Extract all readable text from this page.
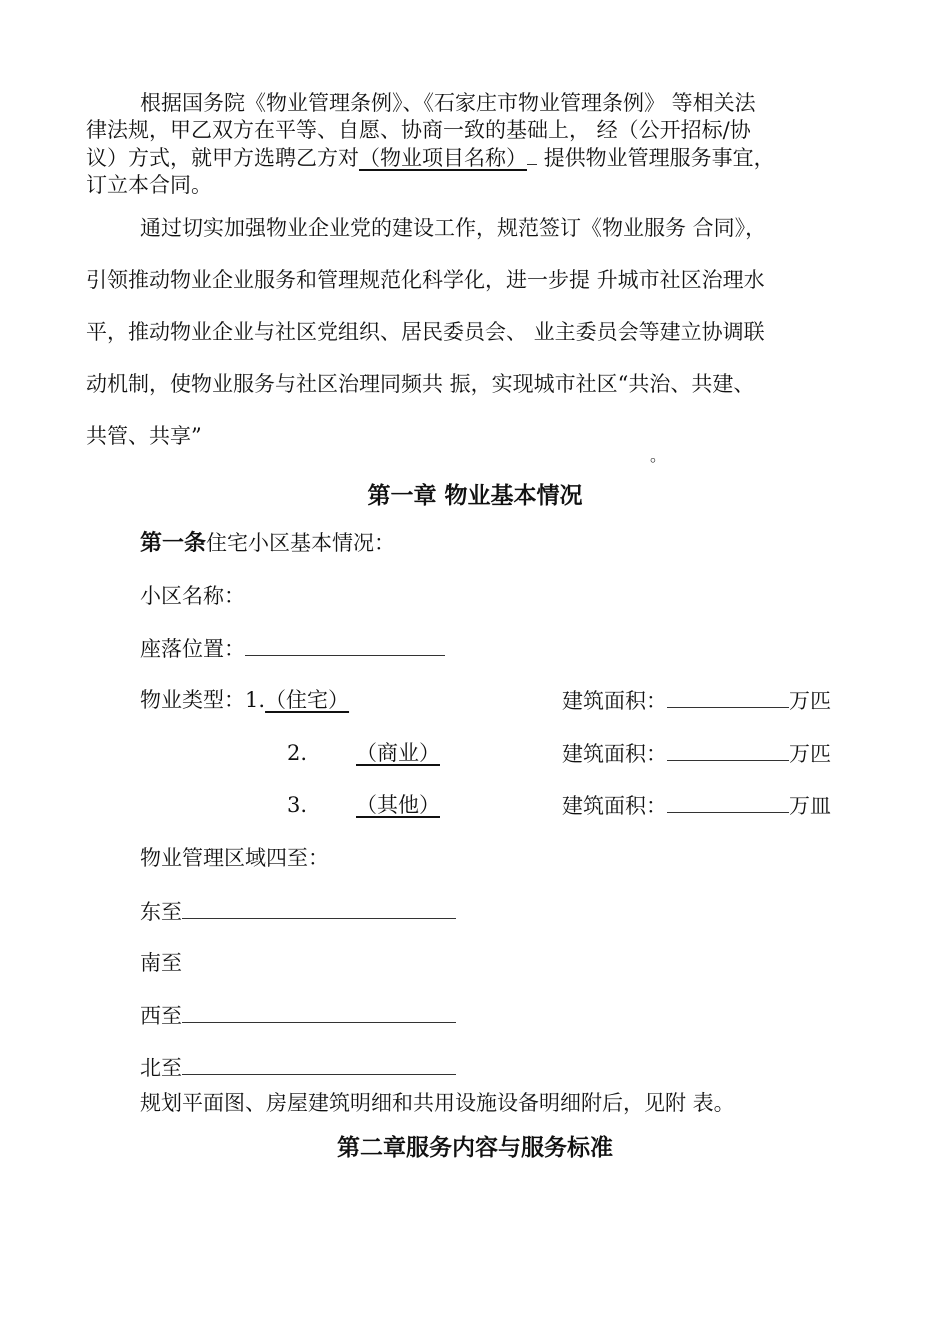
根据国务院《物业管理条例》、《石家庄市物业管理条例》 等相关法
律法规，甲乙双方在平等、自愿、协商一致的基础上， 经（公开招标/协
议）方式，就甲方选聘乙方对（物业项目名称） 提供物业管理服务事宜，
订立本合同。
通过切实加强物业企业党的建设工作，规范签订《物业服务 合同》，
引领推动物业企业服务和管理规范化科学化，进一步提 升城市社区治理水
平，推动物业企业与社区党组织、居民委员会、 业主委员会等建立协调联
动机制，使物业服务与社区治理同频共 振，实现城市社区“共治、共建、
共管、共享”
。
第一章 物业基本情况
第一条住宅小区基本情况：
小区名称：
座落位置：
物业类型：1.（住宅）	建筑面积：	万匹
2. （商业）	建筑面积：	万匹
3. （其他）	建筑面积：	万皿
物业管理区域四至：
东至
南至
西至
北至
规划平面图、房屋建筑明细和共用设施设备明细附后，见附 表。
第二章服务内容与服务标准
